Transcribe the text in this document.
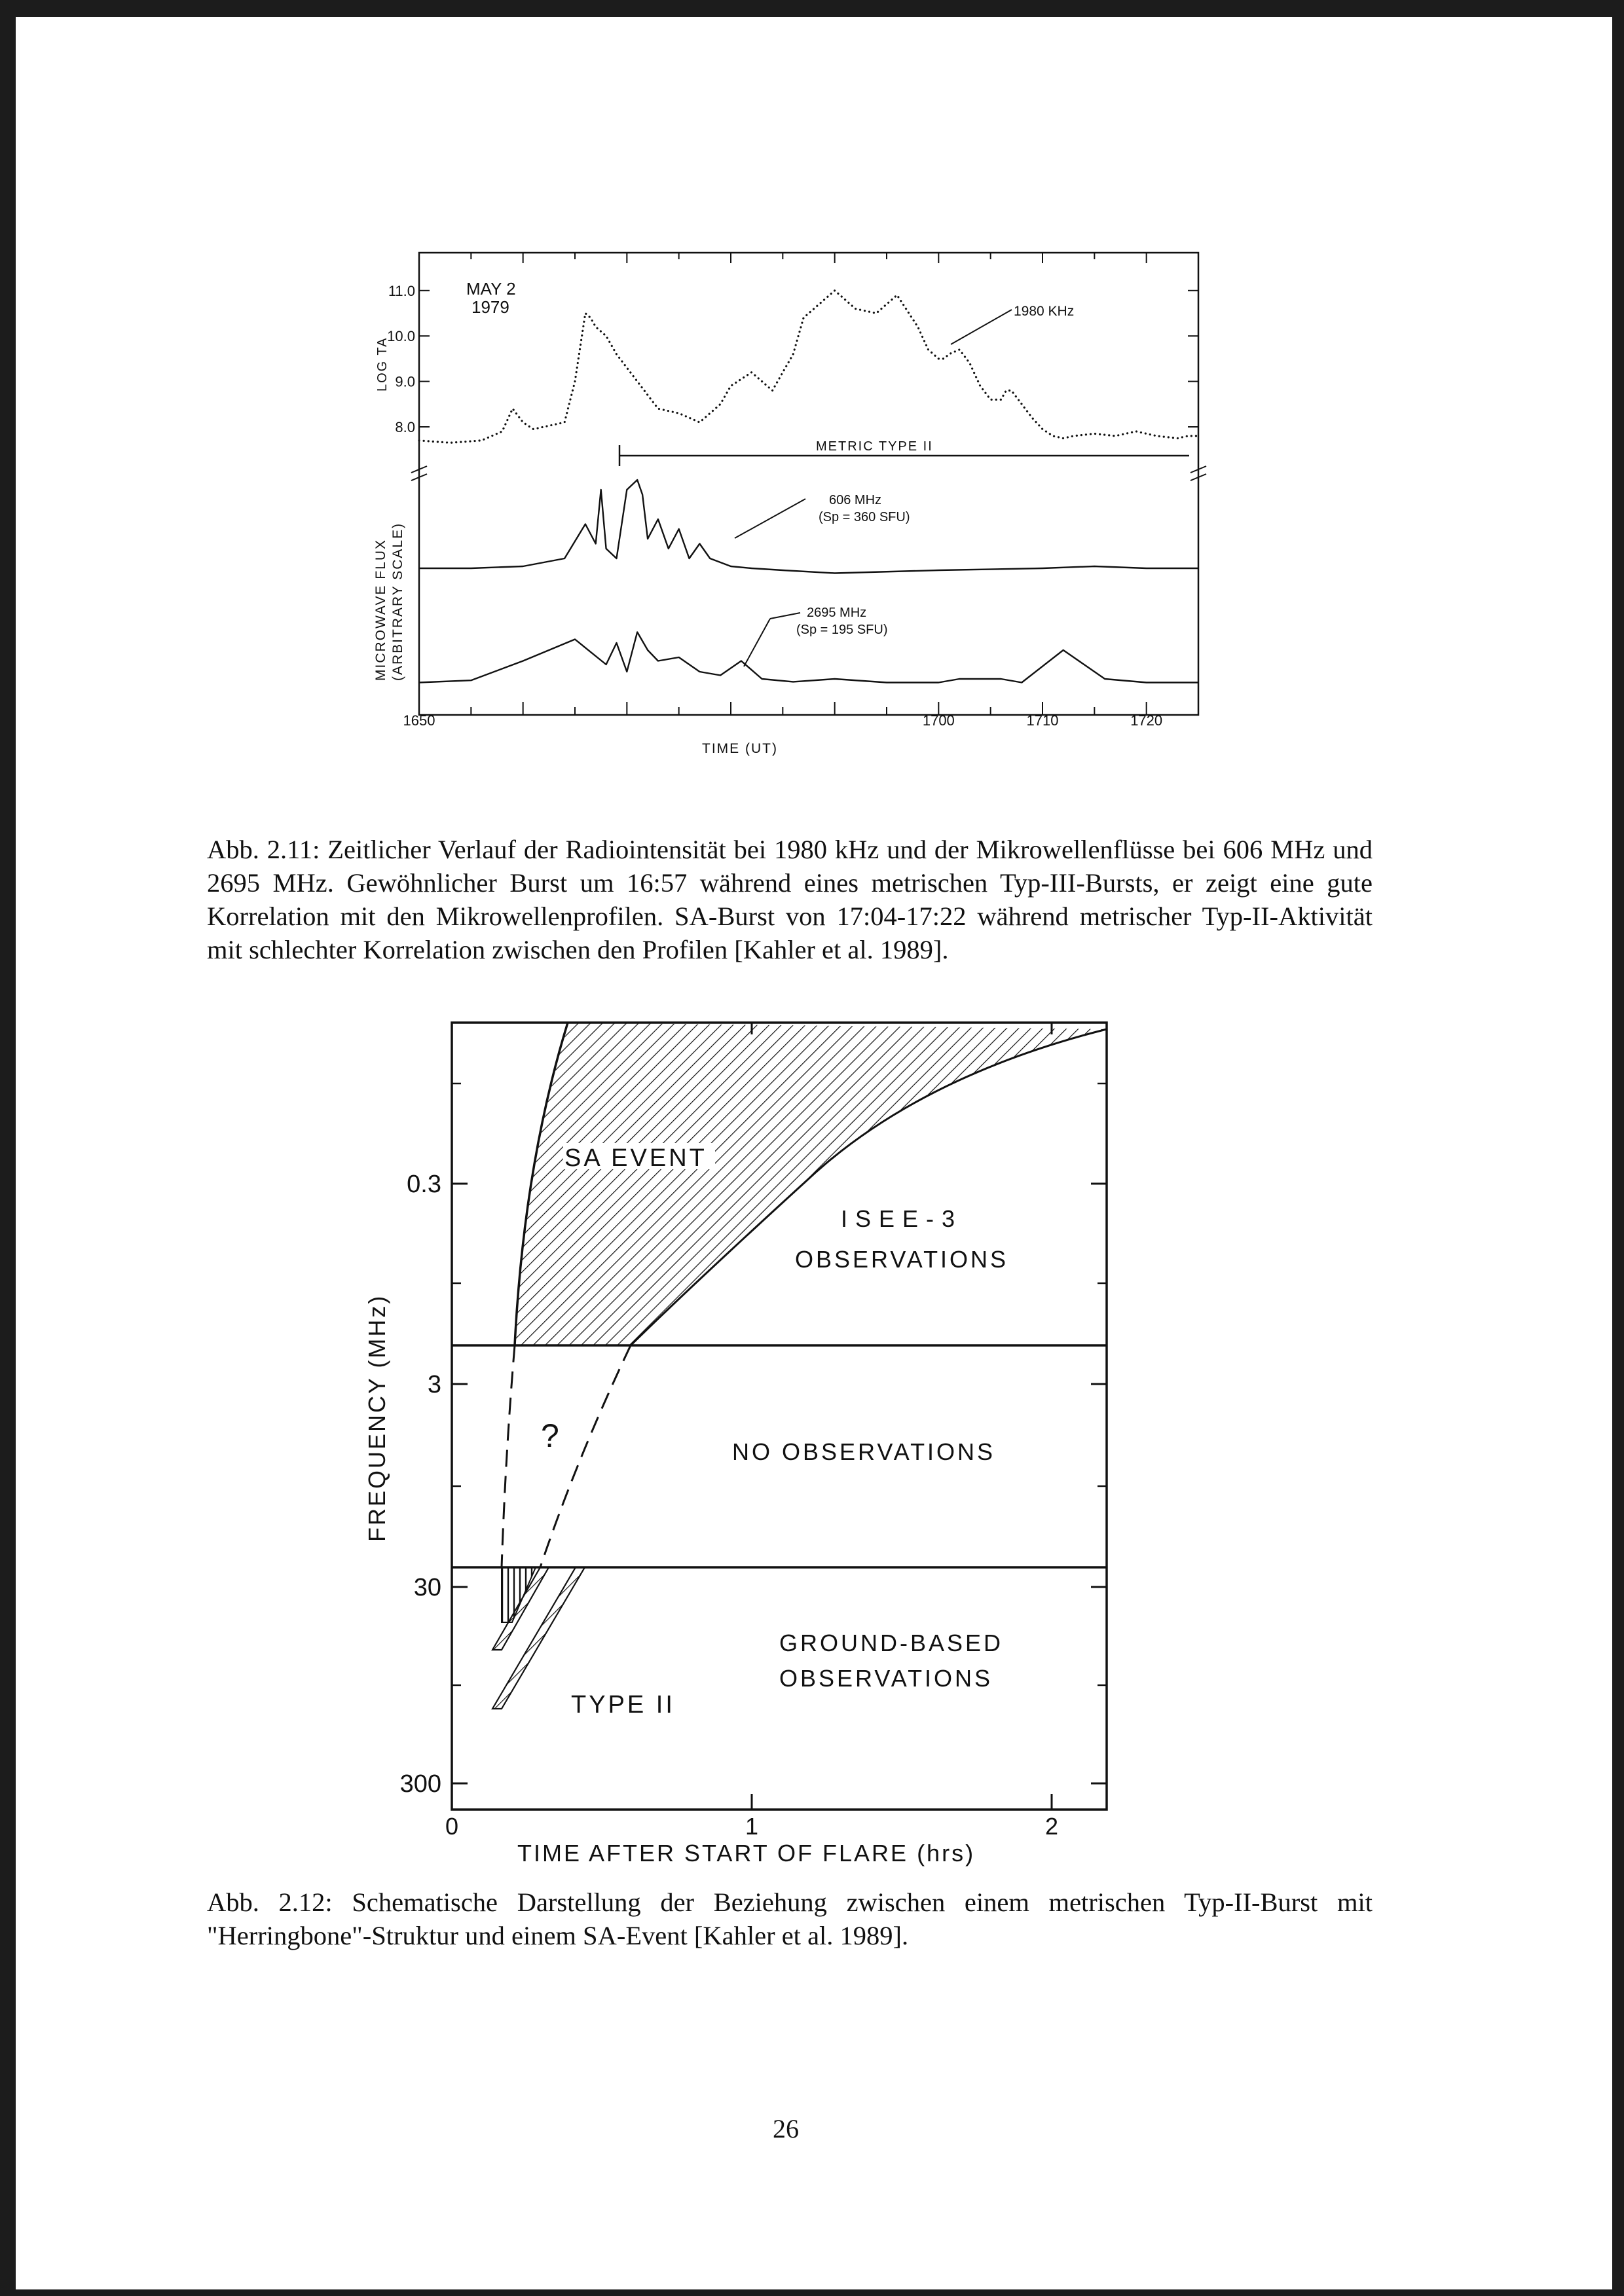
8.0
9.0
10.0
11.0
1650	1700	1710	1720
MAY 2
1979
LOG TA
MICROWAVE FLUX (ARBITRARY SCALE)
TIME (UT)
METRIC TYPE II
1980 KHz
606 MHz
(Sp = 360 SFU)
2695 MHz
(Sp = 195 SFU)
0.3
3
30
300
0	1	2
SA EVENT
ISEE-3
OBSERVATIONS
NO OBSERVATIONS
GROUND-BASED
OBSERVATIONS
TYPE II
?
FREQUENCY (MHz)
TIME AFTER START OF FLARE (hrs)
Abb. 2.11: Zeitlicher Verlauf der Radiointensität bei 1980 kHz und der Mikrowellenflüsse bei 606 MHz und 2695 MHz. Gewöhnlicher Burst um 16:57 während eines metrischen Typ-III-Bursts, er zeigt eine gute Korrelation mit den Mikrowellenprofilen. SA-Burst von 17:04-17:22 während metrischer Typ-II-Aktivität mit schlechter Korrelation zwischen den Profilen [Kahler et al. 1989].
Abb. 2.12: Schematische Darstellung der Beziehung zwischen einem metrischen Typ-II-Burst mit "Herringbone"-Struktur und einem SA-Event [Kahler et al. 1989].
26
